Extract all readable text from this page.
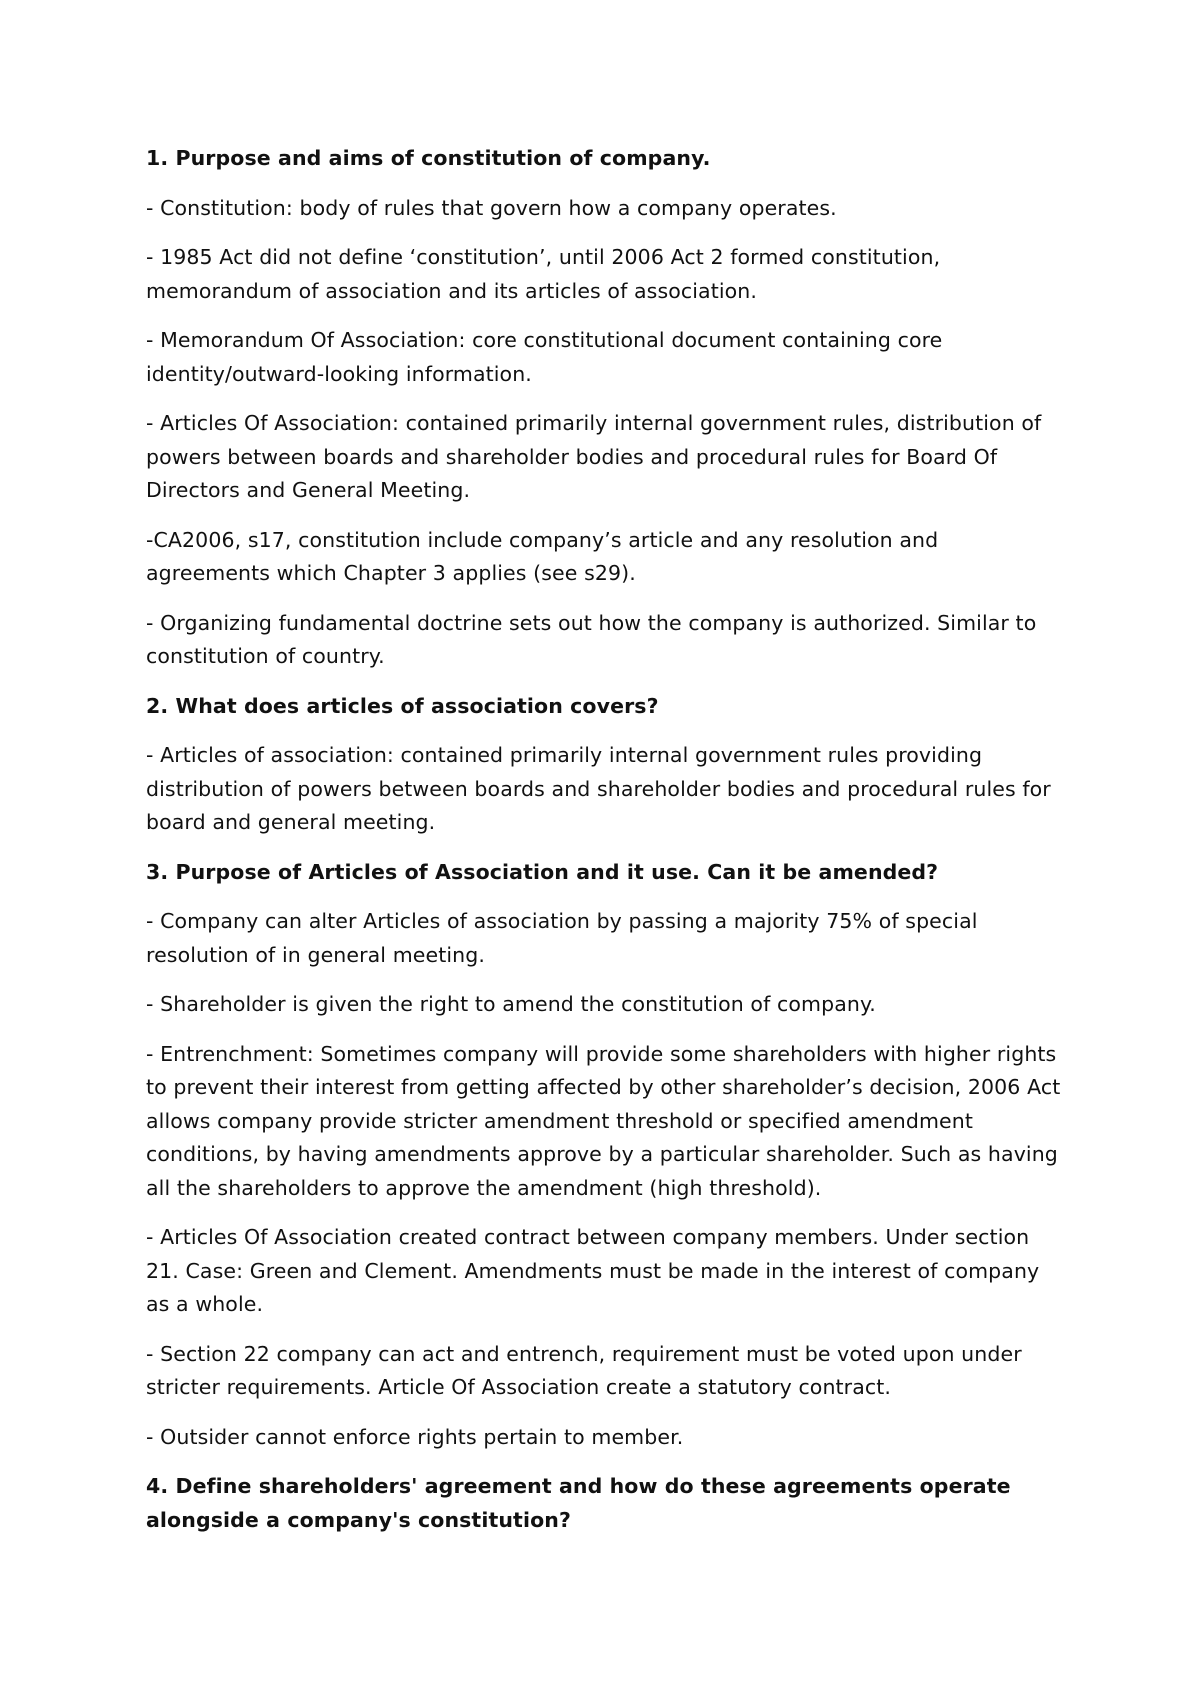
1. Purpose and aims of constitution of company.
- Constitution: body of rules that govern how a company operates.
- 1985 Act did not define ‘constitution’, until 2006 Act 2 formed constitution, memorandum of association and its articles of association.
- Memorandum Of Association: core constitutional document containing core identity/outward-looking information.
- Articles Of Association: contained primarily internal government rules, distribution of powers between boards and shareholder bodies and procedural rules for Board Of Directors and General Meeting.
-CA2006, s17, constitution include company’s article and any resolution and agreements which Chapter 3 applies (see s29).
- Organizing fundamental doctrine sets out how the company is authorized. Similar to constitution of country.
2. What does articles of association covers?
- Articles of association: contained primarily internal government rules providing distribution of powers between boards and shareholder bodies and procedural rules for board and general meeting.
3. Purpose of Articles of Association and it use. Can it be amended?
- Company can alter Articles of association by passing a majority 75% of special resolution of in general meeting.
- Shareholder is given the right to amend the constitution of company.
- Entrenchment: Sometimes company will provide some shareholders with higher rights to prevent their interest from getting affected by other shareholder’s decision, 2006 Act allows company provide stricter amendment threshold or specified amendment conditions, by having amendments approve by a particular shareholder. Such as having all the shareholders to approve the amendment (high threshold).
- Articles Of Association created contract between company members. Under section 21. Case: Green and Clement. Amendments must be made in the interest of company as a whole.
- Section 22 company can act and entrench, requirement must be voted upon under stricter requirements. Article Of Association create a statutory contract.
- Outsider cannot enforce rights pertain to member.
4. Define shareholders' agreement and how do these agreements operate alongside a company's constitution?
